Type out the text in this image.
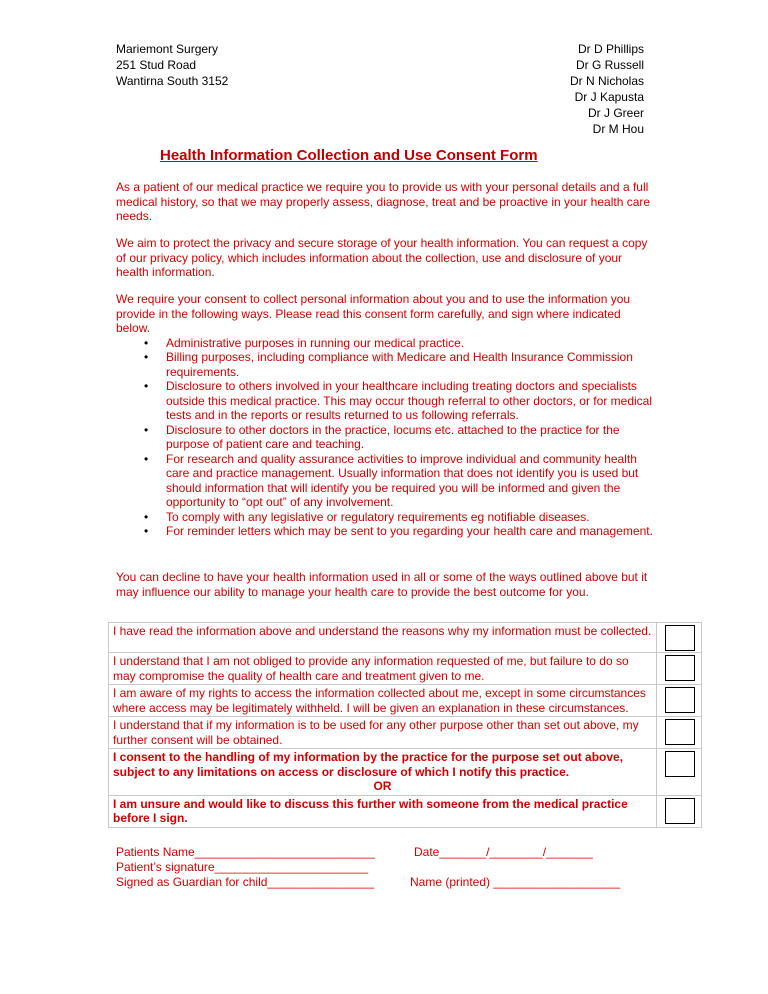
Mariemont Surgery
251 Stud Road
Wantirna South 3152
Dr D Phillips
Dr G Russell
Dr N Nicholas
Dr J Kapusta
Dr J Greer
Dr M Hou
Health Information Collection and Use Consent Form
As a patient of our medical practice we require you to provide us with your personal details and a full medical history, so that we may properly assess, diagnose, treat and be proactive in your health care needs.
We aim to protect the privacy and secure storage of your health information. You can request a copy of our privacy policy, which includes information about the collection, use and disclosure of your health information.
We require your consent to collect personal information about you and to use the information you provide in the following ways. Please read this consent form carefully, and sign where indicated below.
• Administrative purposes in running our medical practice.
• Billing purposes, including compliance with Medicare and Health Insurance Commission requirements.
• Disclosure to others involved in your healthcare including treating doctors and specialists outside this medical practice. This may occur though referral to other doctors, or for medical tests and in the reports or results returned to us following referrals.
• Disclosure to other doctors in the practice, locums etc. attached to the practice for the purpose of patient care and teaching.
• For research and quality assurance activities to improve individual and community health care and practice management. Usually information that does not identify you is used but should information that will identify you be required you will be informed and given the opportunity to “opt out” of any involvement.
• To comply with any legislative or regulatory requirements eg notifiable diseases.
• For reminder letters which may be sent to you regarding your health care and management.
You can decline to have your health information used in all or some of the ways outlined above but it may influence our ability to manage your health care to provide the best outcome for you.
I have read the information above and understand the reasons why my information must be collected.	

I understand that I am not obliged to provide any information requested of me, but failure to do so may compromise the quality of health care and treatment given to me.	

I am aware of my rights to access the information collected about me, except in some circumstances where access may be legitimately withheld. I will be given an explanation in these circumstances.	

I understand that if my information is to be used for any other purpose other than set out above, my further consent will be obtained.	

I consent to the handling of my information by the practice for the purpose set out above, subject to any limitations on access or disclosure of which I notify this practice.
OR	

I am unsure and would like to discuss this further with someone from the medical practice before I sign.	
Patients Name___________________________	Date_______/________/_______
Patient’s signature_______________________
Signed as Guardian for child________________	Name (printed) ___________________
